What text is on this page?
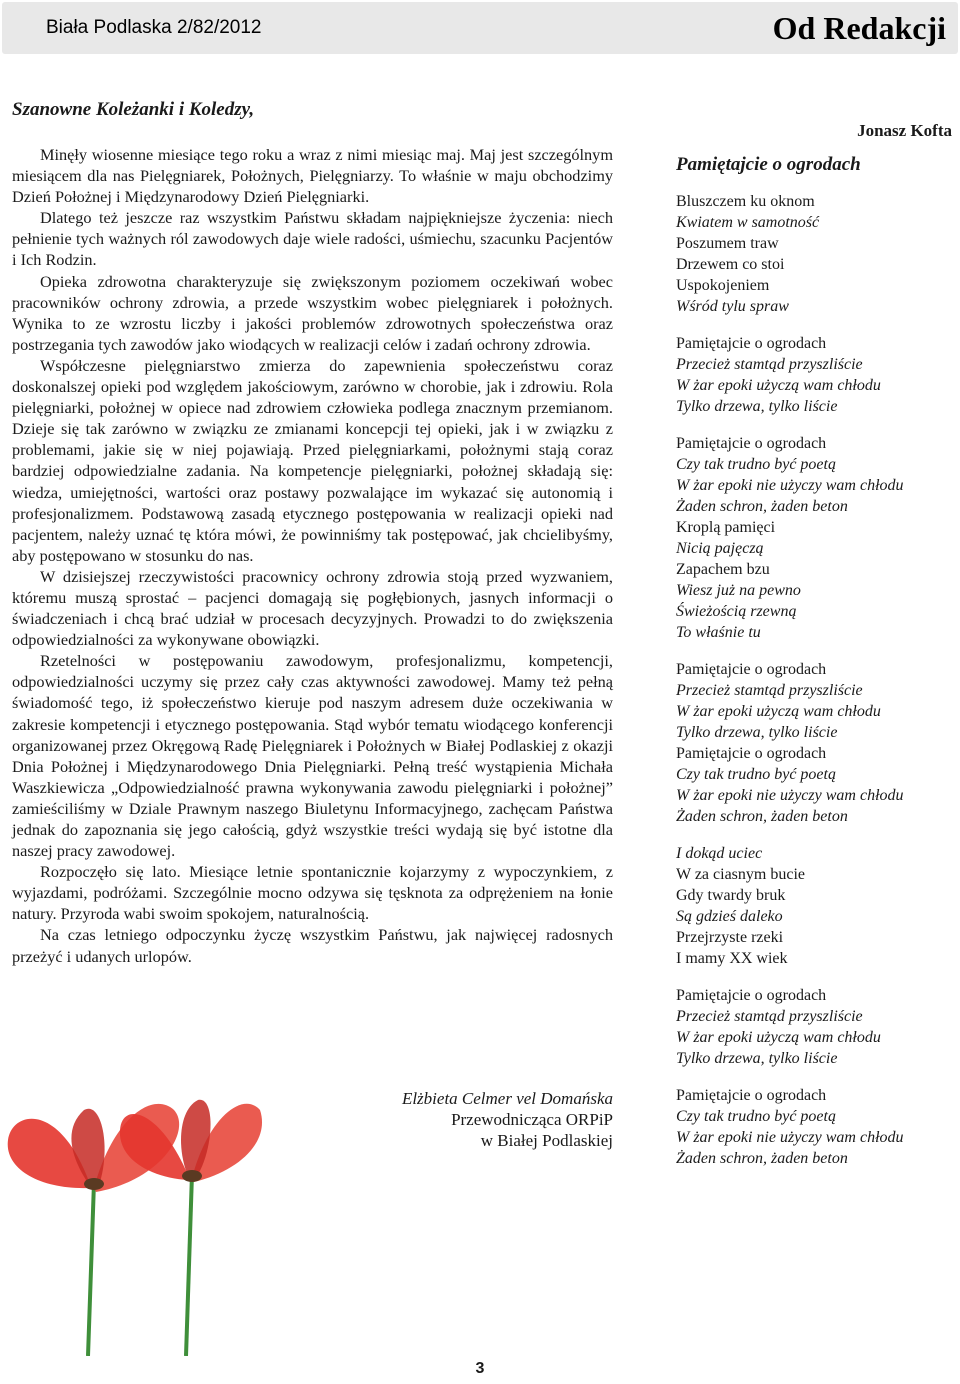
Biała Podlaska 2/82/2012	Od Redakcji
Szanowne Koleżanki i Koledzy,

Minęły wiosenne miesiące tego roku a wraz z nimi miesiąc maj. Maj jest szczególnym miesiącem dla nas Pielęgniarek, Położnych, Pielęgniarzy. To właśnie w maju obchodzimy Dzień Położnej i Międzynarodowy Dzień Pielęgniarki.

Dlatego też jeszcze raz wszystkim Państwu składam najpiękniejsze życzenia: niech pełnienie tych ważnych ról zawodowych daje wiele radości, uśmiechu, szacunku Pacjentów i Ich Rodzin.

Opieka zdrowotna charakteryzuje się zwiększonym poziomem oczekiwań wobec pracowników ochrony zdrowia, a przede wszystkim wobec pielęgniarek i położnych. Wynika to ze wzrostu liczby i jakości problemów zdrowotnych społeczeństwa oraz postrzegania tych zawodów jako wiodących w realizacji celów i zadań ochrony zdrowia.

Współczesne pielęgniarstwo zmierza do zapewnienia społeczeństwu coraz doskonalszej opieki pod względem jakościowym, zarówno w chorobie, jak i zdrowiu. Rola pielęgniarki, położnej w opiece nad zdrowiem człowieka podlega znacznym przemianom. Dzieje się tak zarówno w związku ze zmianami koncepcji tej opieki, jak i w związku z problemami, jakie się w niej pojawiają. Przed pielęgniarkami, położnymi stają coraz bardziej odpowiedzialne zadania. Na kompetencje pielęgniarki, położnej składają się: wiedza, umiejętności, wartości oraz postawy pozwalające im wykazać się autonomią i profesjonalizmem. Podstawową zasadą etycznego postępowania w realizacji opieki nad pacjentem, należy uznać tę która mówi, że powinniśmy tak postępować, jak chcielibyśmy, aby postępowano w stosunku do nas.

W dzisiejszej rzeczywistości pracownicy ochrony zdrowia stoją przed wyzwaniem, któremu muszą sprostać – pacjenci domagają się pogłębionych, jasnych informacji o świadczeniach i chcą brać udział w procesach decyzyjnych. Prowadzi to do zwiększenia odpowiedzialności za wykonywane obowiązki.

Rzetelności w postępowaniu zawodowym, profesjonalizmu, kompetencji, odpowiedzialności uczymy się przez cały czas aktywności zawodowej. Mamy też pełną świadomość tego, iż społeczeństwo kieruje pod naszym adresem duże oczekiwania w zakresie kompetencji i etycznego postępowania. Stąd wybór tematu wiodącego konferencji organizowanej przez Okręgową Radę Pielęgniarek i Położnych w Białej Podlaskiej z okazji Dnia Położnej i Międzynarodowego Dnia Pielęgniarki. Pełną treść wystąpienia Michała Waszkiewicza „Odpowiedzialność prawna wykonywania zawodu pielęgniarki i położnej” zamieściliśmy w Dziale Prawnym naszego Biuletynu Informacyjnego, zachęcam Państwa jednak do zapoznania się jego całością, gdyż wszystkie treści wydają się być istotne dla naszej pracy zawodowej.

Rozpoczęło się lato. Miesiące letnie spontanicznie kojarzymy z wypoczynkiem, z wyjazdami, podróżami. Szczególnie mocno odzywa się tęsknota za odprężeniem na łonie natury. Przyroda wabi swoim spokojem, naturalnością.

Na czas letniego odpoczynku życzę wszystkim Państwu, jak najwięcej radosnych przeżyć i udanych urlopów.

Elżbieta Celmer vel Domańska
Przewodnicząca ORPiP
w Białej Podlaskiej
Jonasz Kofta
Pamiętajcie o ogrodach
Bluszczem ku oknom
Kwiatem w samotność
Poszumem traw
Drzewem co stoi
Uspokojeniem
Wśród tylu spraw
Pamiętajcie o ogrodach
Przecież stamtąd przyszliście
W żar epoki użyczą wam chłodu
Tylko drzewa, tylko liście
Pamiętajcie o ogrodach
Czy tak trudno być poetą
W żar epoki nie użyczy wam chłodu
Żaden schron, żaden beton
Kroplą pamięci
Nicią pajęczą
Zapachem bzu
Wiesz już na pewno
Świeżością rzewną
To właśnie tu
Pamiętajcie o ogrodach
Przecież stamtąd przyszliście
W żar epoki użyczą wam chłodu
Tylko drzewa, tylko liście
Pamiętajcie o ogrodach
Czy tak trudno być poetą
W żar epoki nie użyczy wam chłodu
Żaden schron, żaden beton
I dokąd uciec
W za ciasnym bucie
Gdy twardy bruk
Są gdzieś daleko
Przejrzyste rzeki
I mamy XX wiek
Pamiętajcie o ogrodach
Przecież stamtąd przyszliście
W żar epoki użyczą wam chłodu
Tylko drzewa, tylko liście
Pamiętajcie o ogrodach
Czy tak trudno być poetą
W żar epoki nie użyczy wam chłodu
Żaden schron, żaden beton
3
